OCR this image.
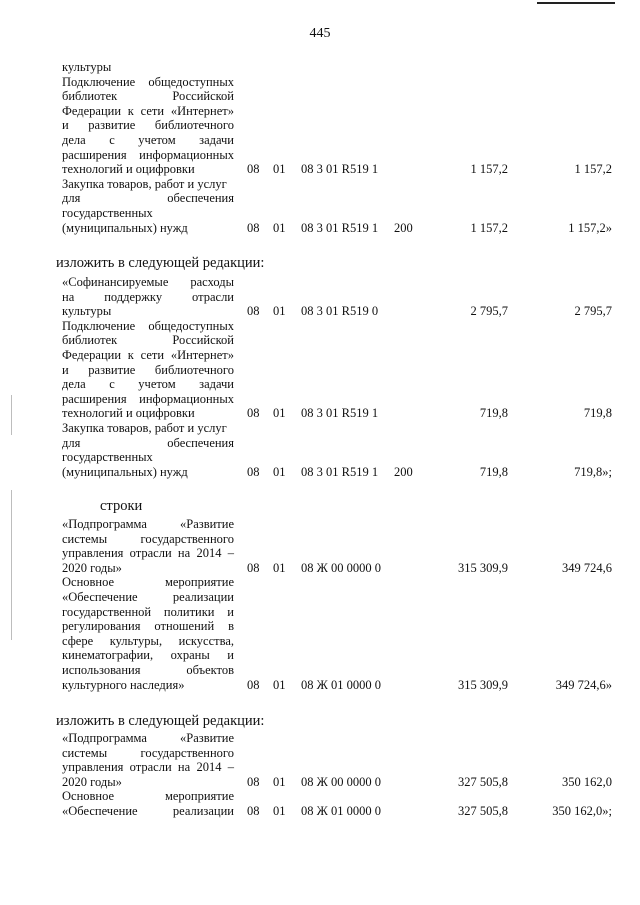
445
культуры
Подключение общедоступных
библиотек Российской
Федерации к сети «Интернет»
и развитие библиотечного
дела с учетом задачи
расширения информационных
технологий и оцифровки	08 01 08 3 01 R519 1	1 157,2	1 157,2
Закупка товаров, работ и услуг
для обеспечения
государственных
(муниципальных) нужд	08 01 08 3 01 R519 1 200	1 157,2	1 157,2»
изложить в следующей редакции:
«Софинансируемые расходы
на поддержку отрасли
культуры	08 01 08 3 01 R519 0	2 795,7	2 795,7
Подключение общедоступных
библиотек Российской
Федерации к сети «Интернет»
и развитие библиотечного
дела с учетом задачи
расширения информационных
технологий и оцифровки	08 01 08 3 01 R519 1	719,8	719,8
Закупка товаров, работ и услуг
для обеспечения
государственных
(муниципальных) нужд	08 01 08 3 01 R519 1 200	719,8	719,8»;
строки
«Подпрограмма «Развитие
системы государственного
управления отрасли на 2014 –
2020 годы»	08 01 08 Ж 00 0000 0	315 309,9	349 724,6
Основное мероприятие
«Обеспечение реализации
государственной политики и
регулирования отношений в
сфере культуры, искусства,
кинематографии, охраны и
использования объектов
культурного наследия»	08 01 08 Ж 01 0000 0	315 309,9	349 724,6»
изложить в следующей редакции:
«Подпрограмма «Развитие
системы государственного
управления отрасли на 2014 –
2020 годы»	08 01 08 Ж 00 0000 0	327 505,8	350 162,0
Основное мероприятие
«Обеспечение реализации 08 01 08 Ж 01 0000 0	327 505,8	350 162,0»;
